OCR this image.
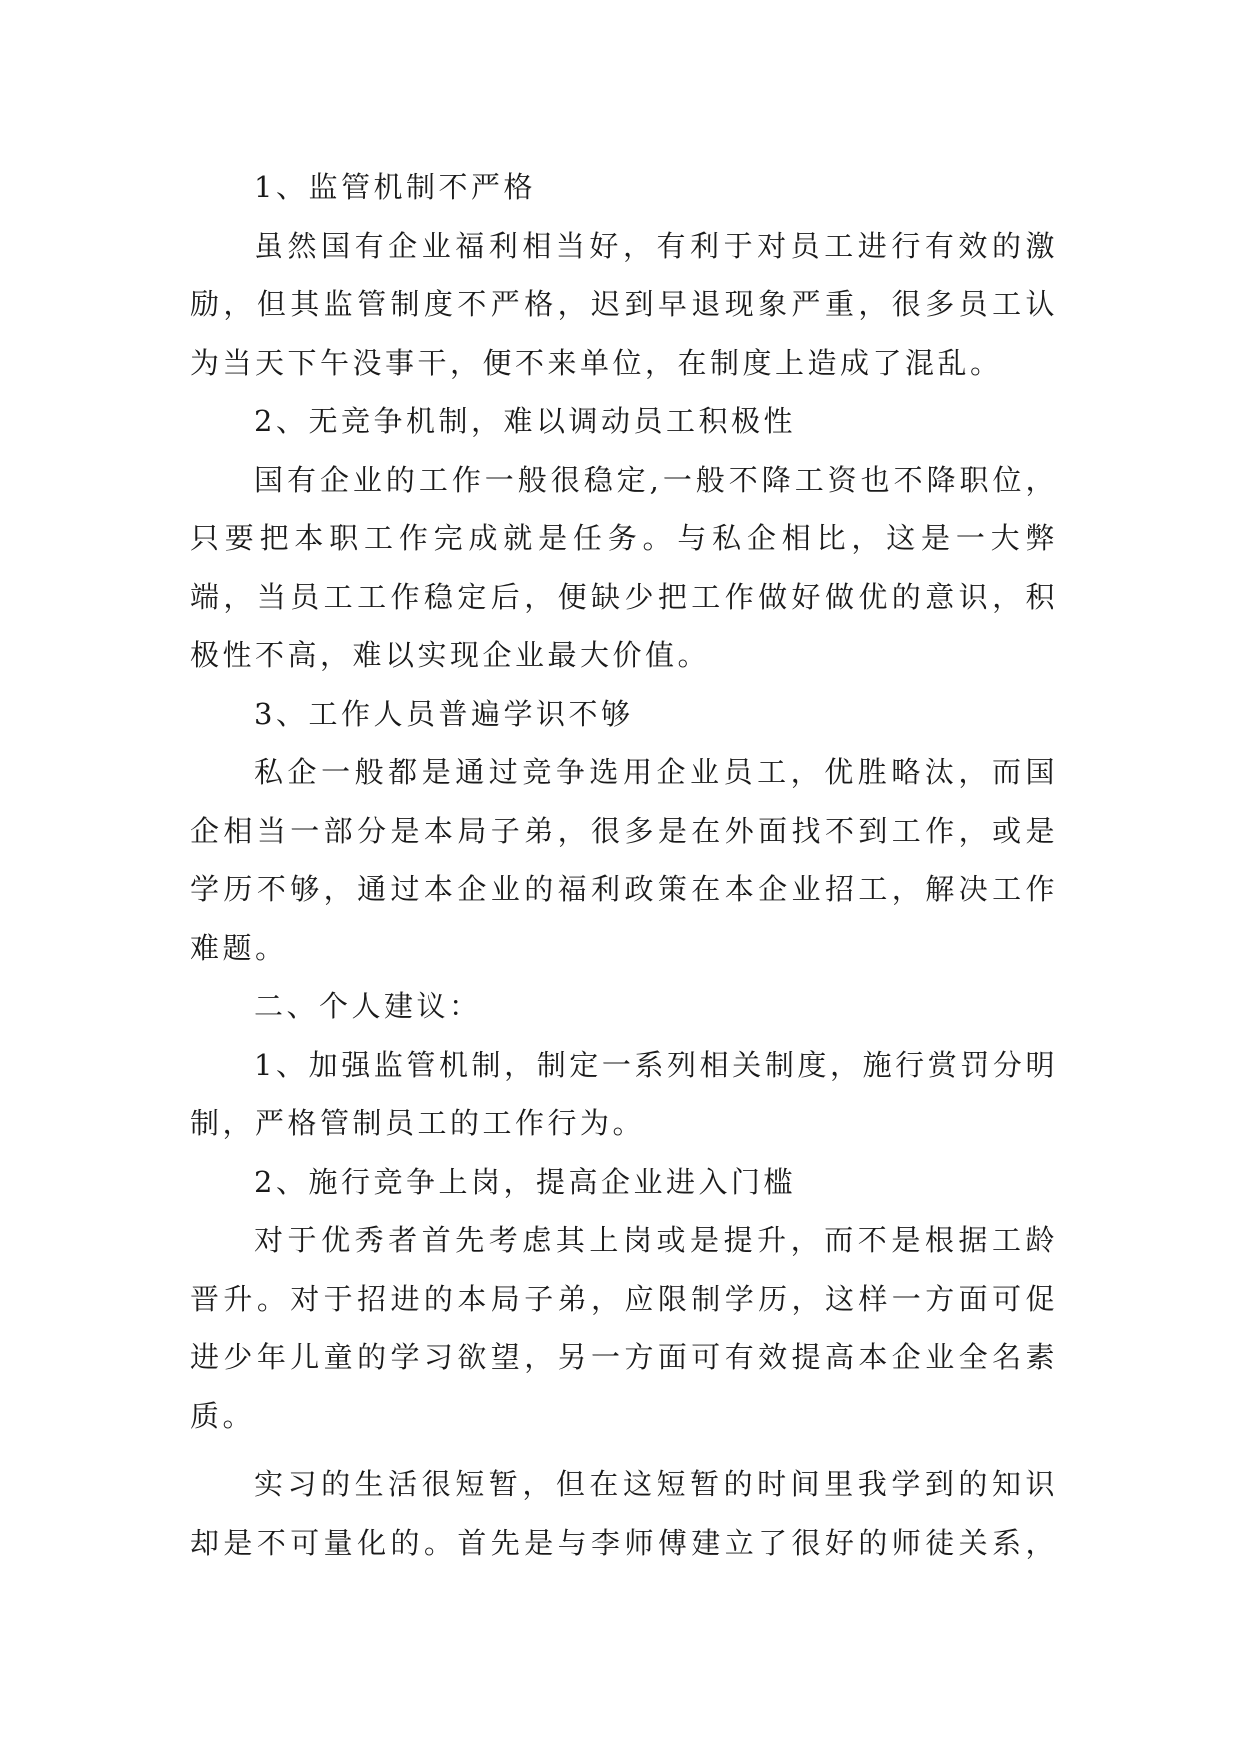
1、监管机制不严格

虽然国有企业福利相当好，有利于对员工进行有效的激励，但其监管制度不严格，迟到早退现象严重，很多员工认为当天下午没事干，便不来单位，在制度上造成了混乱。

2、无竞争机制，难以调动员工积极性

国有企业的工作一般很稳定,一般不降工资也不降职位，只要把本职工作完成就是任务。与私企相比，这是一大弊端，当员工工作稳定后，便缺少把工作做好做优的意识，积极性不高，难以实现企业最大价值。

3、工作人员普遍学识不够

私企一般都是通过竞争选用企业员工，优胜略汰，而国企相当一部分是本局子弟，很多是在外面找不到工作，或是学历不够，通过本企业的福利政策在本企业招工，解决工作难题。

二、个人建议：

1、加强监管机制，制定一系列相关制度，施行赏罚分明制，严格管制员工的工作行为。

2、施行竞争上岗，提高企业进入门槛

对于优秀者首先考虑其上岗或是提升，而不是根据工龄晋升。对于招进的本局子弟，应限制学历，这样一方面可促进少年儿童的学习欲望，另一方面可有效提高本企业全名素质。

实习的生活很短暂，但在这短暂的时间里我学到的知识却是不可量化的。首先是与李师傅建立了很好的师徒关系，
